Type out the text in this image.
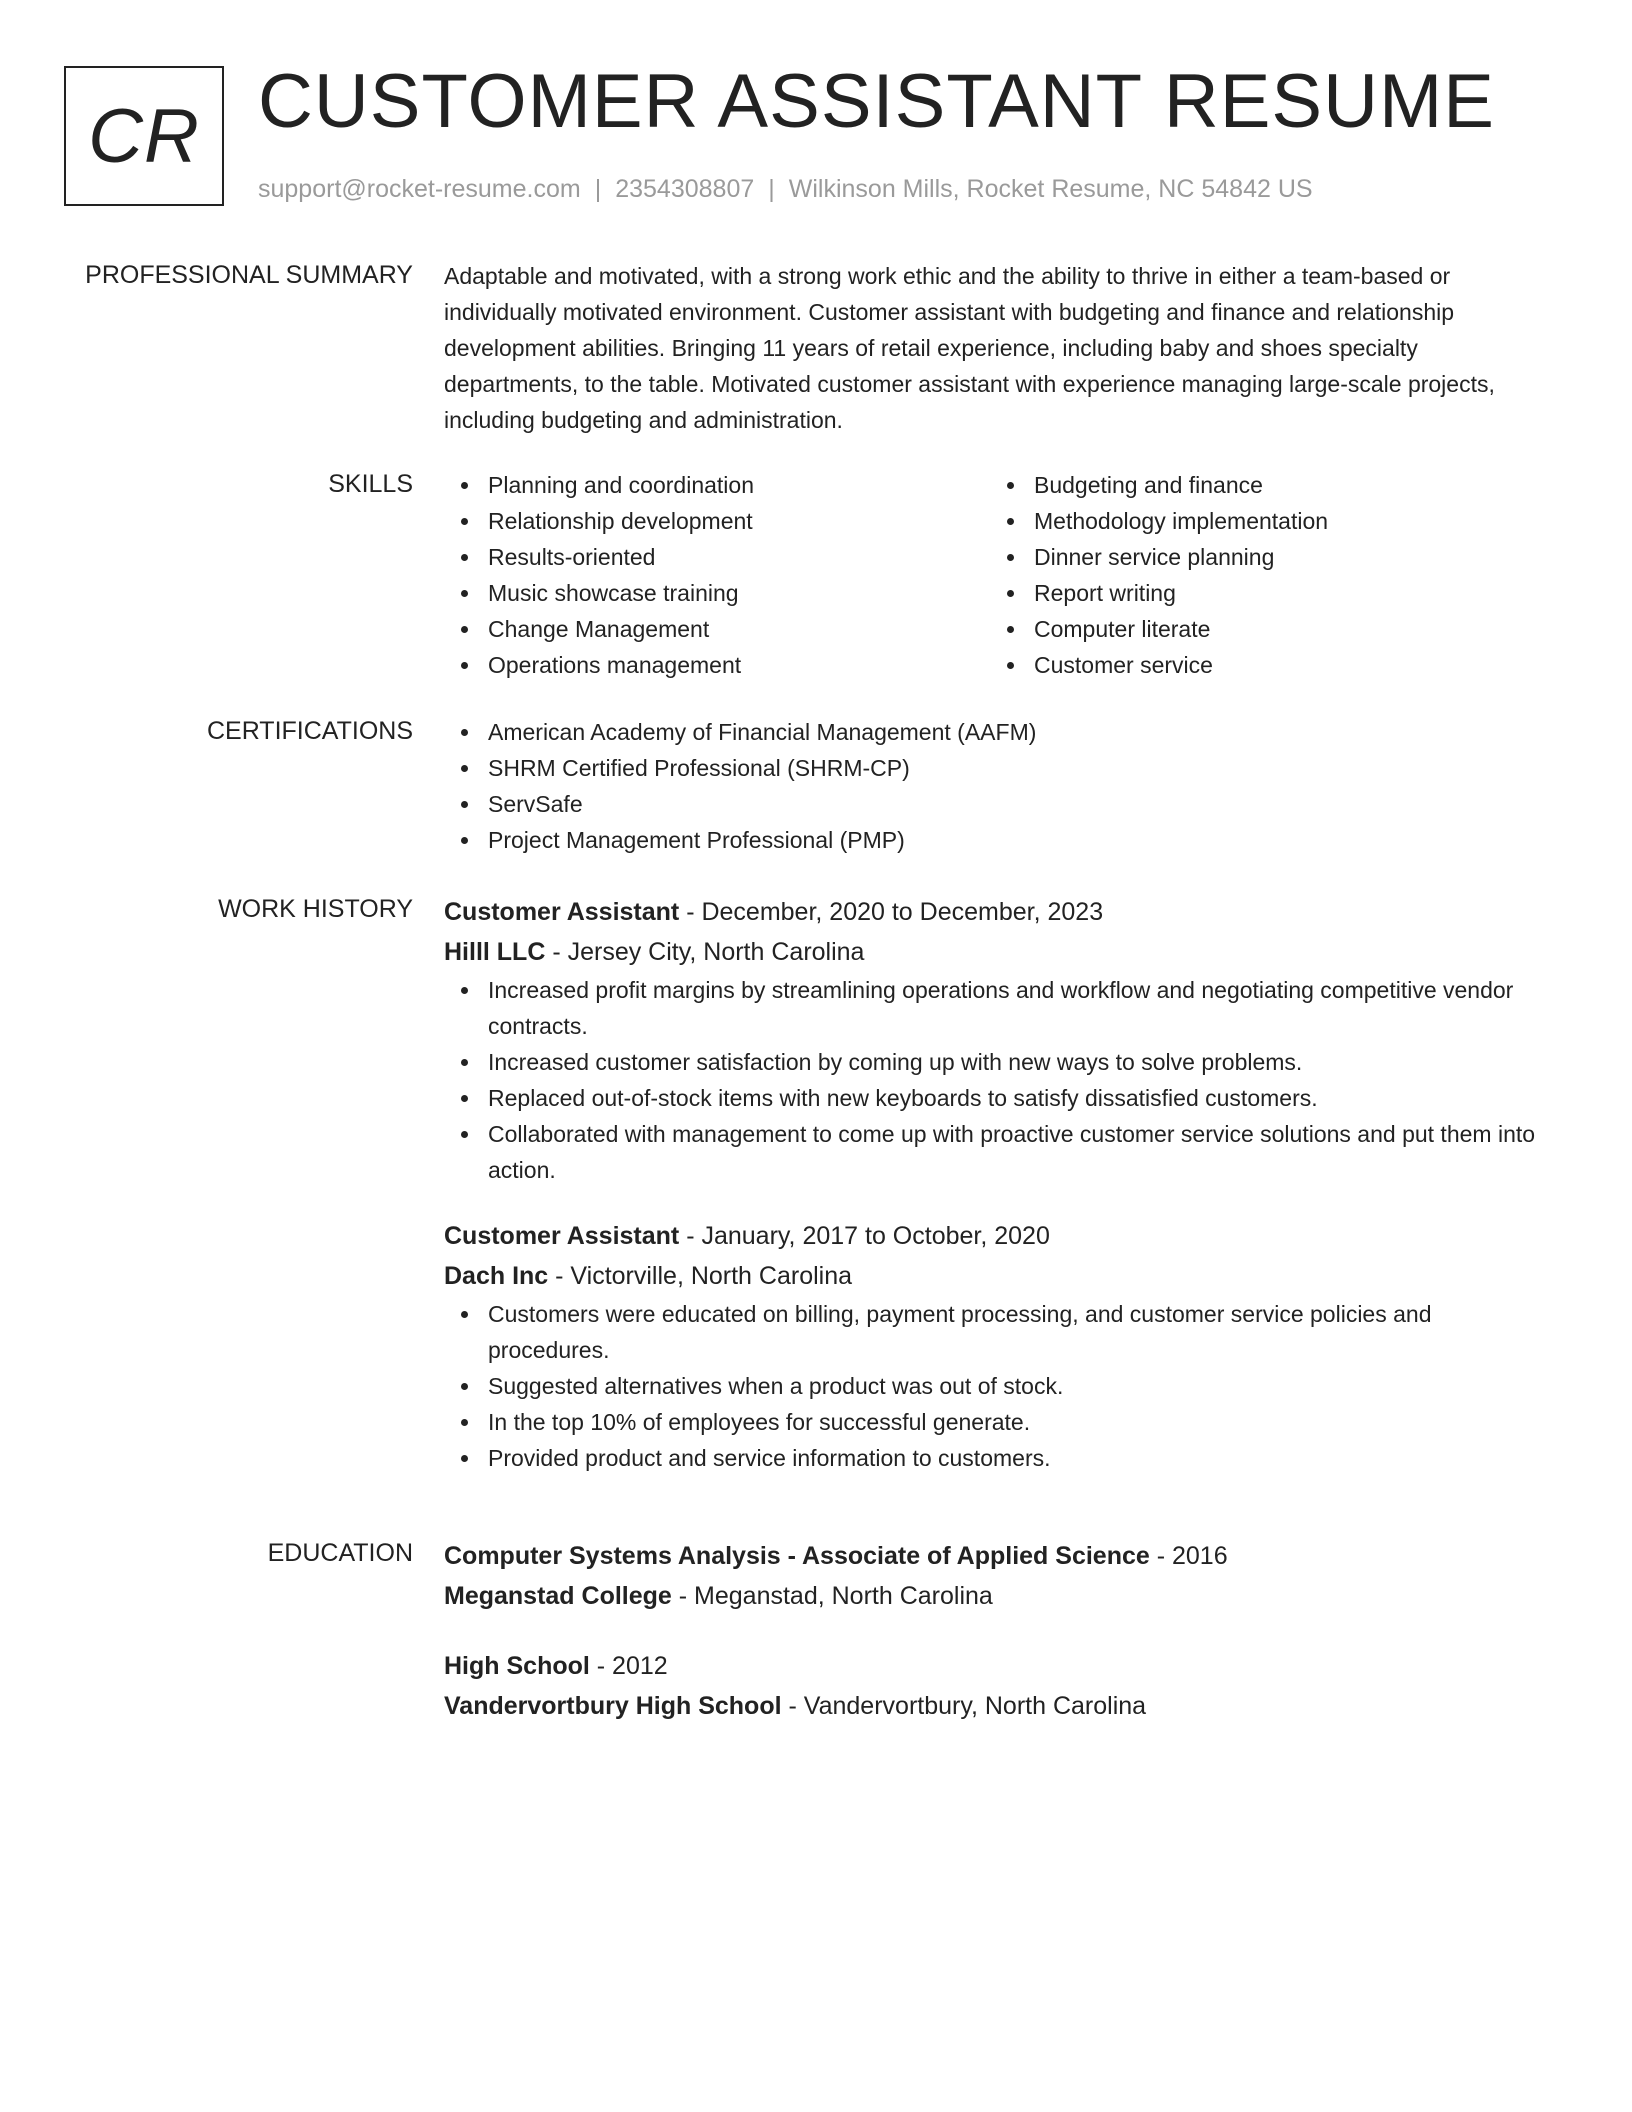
CR CUSTOMER ASSISTANT RESUME
support@rocket-resume.com | 2354308807 | Wilkinson Mills, Rocket Resume, NC 54842 US
PROFESSIONAL SUMMARY Adaptable and motivated, with a strong work ethic and the ability to thrive in either a team-based or individually motivated environment. Customer assistant with budgeting and finance and relationship development abilities. Bringing 11 years of retail experience, including baby and shoes specialty departments, to the table. Motivated customer assistant with experience managing large-scale projects, including budgeting and administration.

SKILLS	Planning and coordination
Relationship development
Results-oriented
Music showcase training
Change Management
Operations management
Budgeting and finance
Methodology implementation
Dinner service planning
Report writing
Computer literate
Customer service
CERTIFICATIONS	American Academy of Financial Management (AAFM)
SHRM Certified Professional (SHRM-CP)
ServSafe
Project Management Professional (PMP)
WORK HISTORY Customer Assistant - December, 2020 to December, 2023
Hilll LLC - Jersey City, North Carolina
Increased profit margins by streamlining operations and workflow and negotiating competitive vendor contracts.
Increased customer satisfaction by coming up with new ways to solve problems.
Replaced out-of-stock items with new keyboards to satisfy dissatisfied customers.
Collaborated with management to come up with proactive customer service solutions and put them into action.
Customer Assistant - January, 2017 to October, 2020
Dach Inc - Victorville, North Carolina
Customers were educated on billing, payment processing, and customer service policies and procedures.
Suggested alternatives when a product was out of stock.
In the top 10% of employees for successful generate.
Provided product and service information to customers.
EDUCATION Computer Systems Analysis - Associate of Applied Science - 2016
Meganstad College - Meganstad, North Carolina
High School - 2012
Vandervortbury High School - Vandervortbury, North Carolina
